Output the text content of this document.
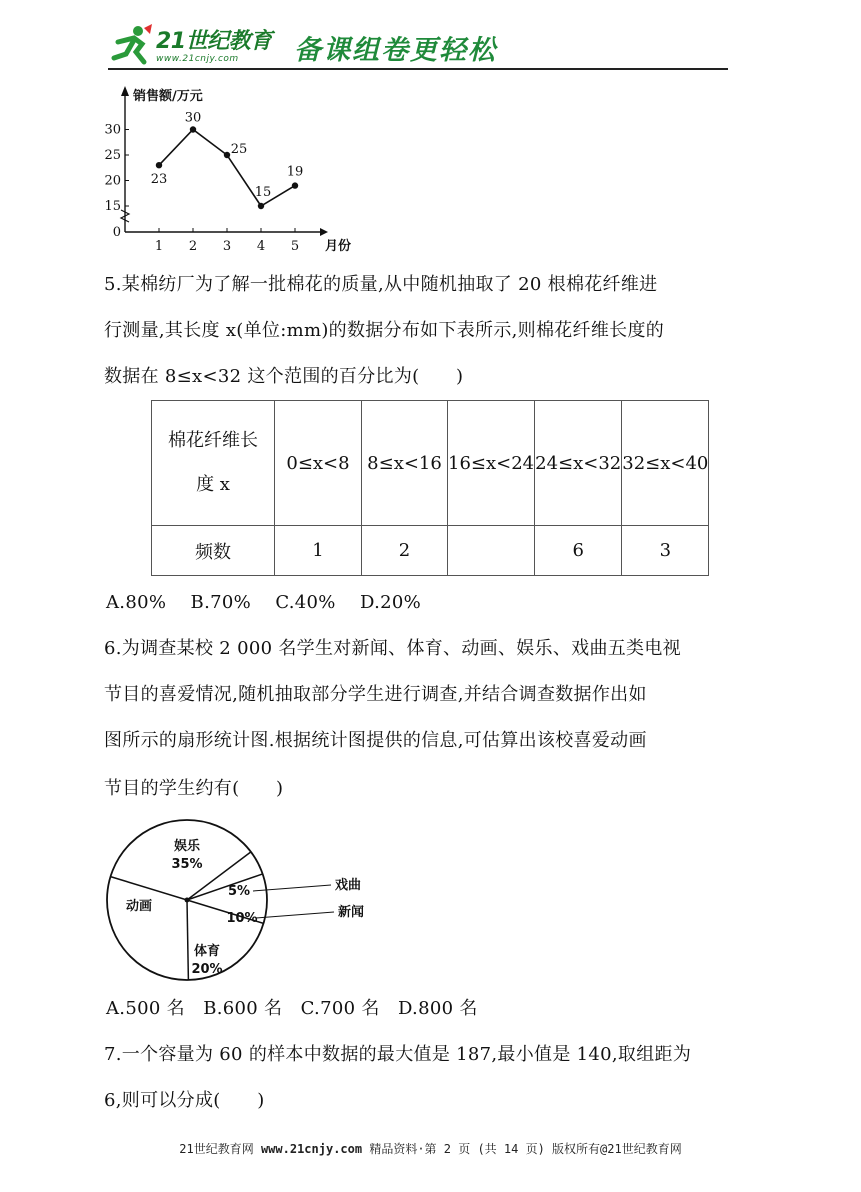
21世纪教育
www.21cnjy.com 备课组卷更轻松
销售额/万元
月份
0
15
20
25
30
1 2 3 4 5
23
30
25
15
19
5.某棉纺厂为了解一批棉花的质量,从中随机抽取了 20 根棉花纤维进
行测量,其长度 x(单位:mm)的数据分布如下表所示,则棉花纤维长度的
数据在 8≤x<32 这个范围的百分比为(　　)
棉花纤维长
度 x	0≤x<8	8≤x<16	16≤x<24	24≤x<32	32≤x<40
频数	1	2		6	3
A.80%　 B.70%　 C.40%　 D.20%
6.为调查某校 2 000 名学生对新闻、体育、动画、娱乐、戏曲五类电视
节目的喜爱情况,随机抽取部分学生进行调查,并结合调查数据作出如
图所示的扇形统计图.根据统计图提供的信息,可估算出该校喜爱动画
节目的学生约有(　　)
娱乐
35%
戏曲
5%
新闻
10%
体育
20%
动画
A.500 名　B.600 名　C.700 名　D.800 名
7.一个容量为 60 的样本中数据的最大值是 187,最小值是 140,取组距为
6,则可以分成(　　)
21世纪教育网 www.21cnjy.com 精品资料·第 2 页 (共 14 页) 版权所有@21世纪教育网
